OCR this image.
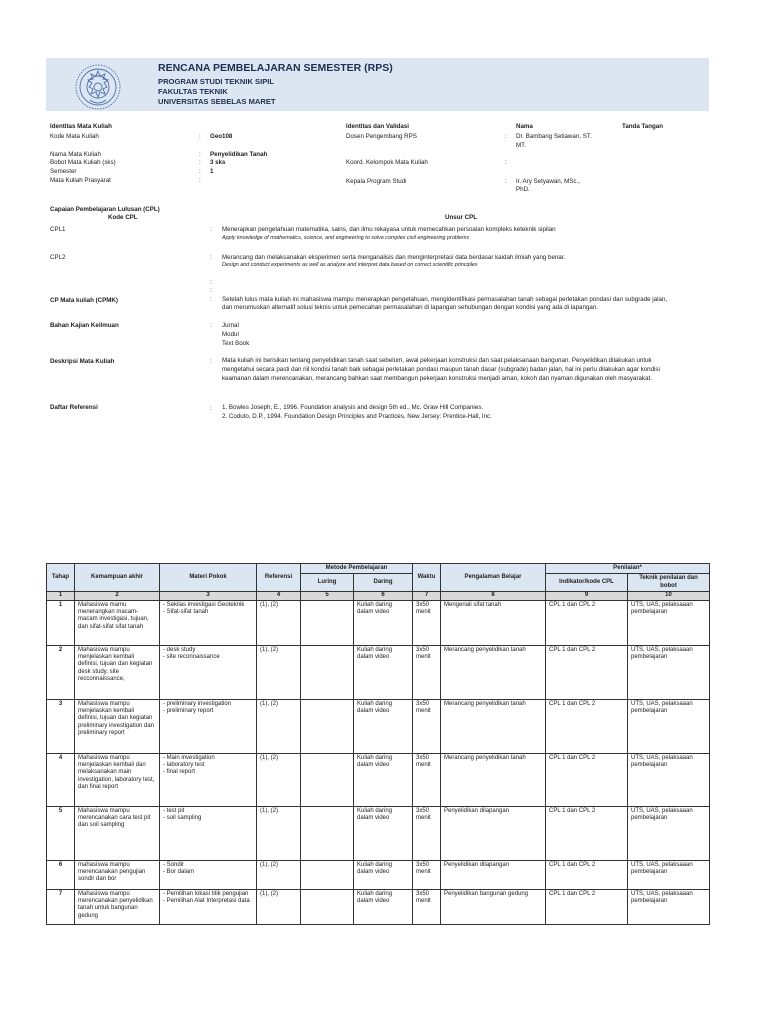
RENCANA PEMBELAJARAN SEMESTER (RPS)
PROGRAM STUDI TEKNIK SIPIL
FAKULTAS TEKNIK
UNIVERSITAS SEBELAS MARET
Identitas Mata Kuliah
Kode Mata Kuliah	: Geo108
Nama Mata Kuliah	: Penyelidikan Tanah
Bobot Mata Kuliah (sks)	: 3 sks
Semester	: 1
Mata Kuliah Prasyarat	:
Identitas dan Validasi	Nama	Tanda Tangan
Dosen Pengembang RPS	: Dr. Bambang Setiawan, ST.
MT.
Koord. Kelompok Mata Kuliah	:
Kepala Program Studi	: Ir. Ary Setyawan, MSc.,
PhD.
Capaian Pembelajaran Lulusan (CPL)
Kode CPL	Unsur CPL
CPL1	: Menerapkan pengetahuan matematika, sains, dan ilmu rekayasa untuk memecahkan persoalan kompleks keteknik sipilan
Apply knowledge of mathematics, science, and engineering to solve complex civil engineering problems
CPL2	: Merancang dan melaksanakan eksperimen serta menganalisis dan menginterpretasi data berdasar kaidah ilmiah yang benar.
Design and conduct experiments as well as analyze and interpret data based on correct scientific principles
:
:
CP Mata kuliah (CPMK)	: Setelah lulus mata kuliah ini mahasiswa mampu menerapkan pengetahuan, mengidentifikasi permasalahan tanah sebagai perletakan pondasi dan subgrade jalan,
dan merumuskan alternatif solusi teknis untuk pemecahan permasalahan di lapangan sehubungan dengan kondisi yang ada di lapangan.
Bahan Kajian Keilmuan	: Jurnal
Modul
Text Book
Deskripsi Mata Kuliah	: Mata kuliah ini berisikan tentang penyelidikan tanah saat sebelum, awal pekerjaan konstruksi dan saat pelaksanaan bangunan. Penyelidikan dilakukan untuk
mengetahui secara pasti dan riil kondisi tanah baik sebagai perletakan pondasi maupun tanah dasar (subgrade) badan jalan, hal ini perlu dilakukan agar kondisi
keamanan dalam merencanakan, merancang bahkan saat membangun pekerjaan konstruksi menjadi aman, kokoh dan nyaman digunakan oleh masyarakat.
Daftar Referensi	: 1. Bowles Joseph, E., 1996. Foundation analysis and design 5th ed., Mc. Graw Hill Companies.
2. Coduto, D.P., 1994. Foundation Design Principles and Practices, New Jersey: Prentice-Hall, Inc.
Tahap	Kemampuan akhir	Materi Pokok	Referensi	Metode Pembelajaran		Waktu	Pengalaman Belajar	Penilaian*	
				Luring	Daring			Indikator/kode CPL	Teknik penilaian dan bobot
1	2	3	4	5	6	7	8	9	10
1	Mahasiswa mamu menerangkan macam-macam investigasi, tujuan, dan sifat-sifat sifat tanah	- Sekilas investigasi Geoteknik
- Sifat-sifat tanah	(1), (2)		Kuliah daring dalam video	3x50 menit	Mengenali sifat tanah	CPL 1 dan CPL 2	UTS, UAS, pelaksaaan pembelajaran
2	Mahasiswa mampu menjelaskan kembali definisi, tujuan dan kegiatan desk study, site recconnaissance,	- desk study
- site reconnaissance	(1), (2)		Kuliah daring dalam video	3x50 menit	Merancang penyelidikan tanah	CPL 1 dan CPL 2	UTS, UAS, pelaksaaan pembelajaran
3	Mahasiswa mampu menjelaskan kembali definisi, tujuan dan kegiatan preliminary investigation dan preliminary report	- preliminary investigation
- preliminary report	(1), (2)		Kuliah daring dalam video	3x50 menit	Merancang penyelidikan tanah	CPL 1 dan CPL 2	UTS, UAS, pelaksaaan pembelajaran
4	Mahasiswa mampu menjelaskan kembali dan melaksanakan main investigation, laboratory test, dan final report	- Main investigation
- laboratory test
- final report	(1), (2)		Kuliah daring dalam video	3x50 menit	Merancang penyelidikan tanah	CPL 1 dan CPL 2	UTS, UAS, pelaksaaan pembelajaran
5	Mahasiswa mampu merencanakan cara test pit dan soil sampling	- test pit
- soil sampling	(1), (2)		Kuliah daring dalam video	3x50 menit	Penyelidikan dilapangan	CPL 1 dan CPL 2	UTS, UAS, pelaksaaan pembelajaran
6	mahasiswa mampu merencanakan pengujian sondir dan bor	- Sondir
- Bor dalam	(1), (2)		Kuliah daring dalam video	3x50 menit	Penyelidikan dilapangan	CPL 1 dan CPL 2	UTS, UAS, pelaksaaan pembelajaran
7	Mahasiswa mampu merencanakan penyelidikan tanah untuk bangunan gedung	- Pemilihan lokasi titik pengujian
- Pemilihan Alat Interpretasi data	(1), (2)		Kuliah daring dalam video	3x50 menit	Penyelidikan bangunan gedung	CPL 1 dan CPL 2	UTS, UAS, pelaksaaan pembelajaran
